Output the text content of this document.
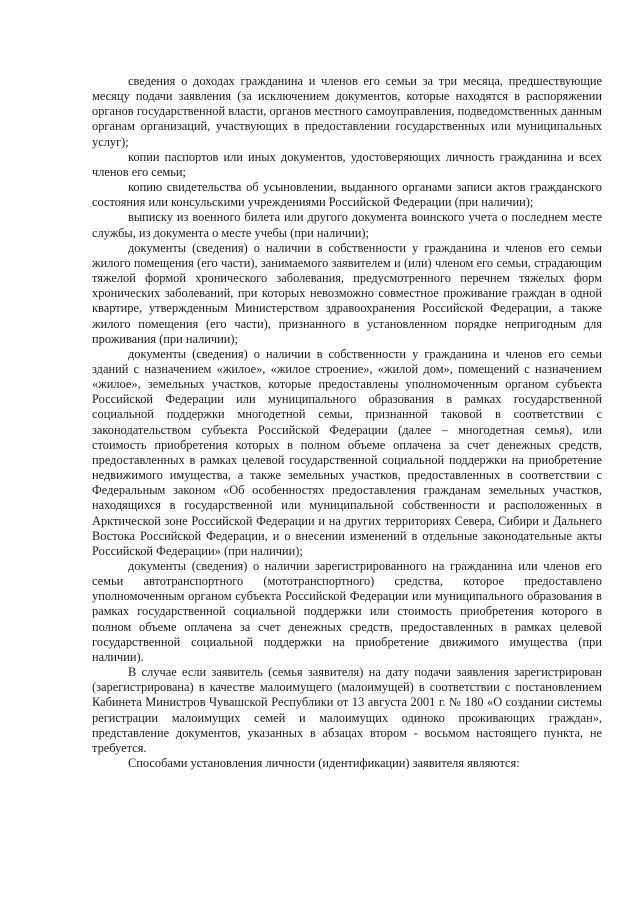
сведения о доходах гражданина и членов его семьи за три месяца, предшествующие месяцу подачи заявления (за исключением документов, которые находятся в распоряжении органов государственной власти, органов местного самоуправления, подведомственных данным органам организаций, участвующих в предоставлении государственных или муниципальных услуг);

копии паспортов или иных документов, удостоверяющих личность гражданина и всех членов его семьи;

копию свидетельства об усыновлении, выданного органами записи актов гражданского состояния или консульскими учреждениями Российской Федерации (при наличии);

выписку из военного билета или другого документа воинского учета о последнем месте службы, из документа о месте учебы (при наличии);

документы (сведения) о наличии в собственности у гражданина и членов его семьи жилого помещения (его части), занимаемого заявителем и (или) членом его семьи, страдающим тяжелой формой хронического заболевания, предусмотренного перечнем тяжелых форм хронических заболеваний, при которых невозможно совместное проживание граждан в одной квартире, утвержденным Министерством здравоохранения Российской Федерации, а также жилого помещения (его части), признанного в установленном порядке непригодным для проживания (при наличии);

документы (сведения) о наличии в собственности у гражданина и членов его семьи зданий с назначением «жилое», «жилое строение», «жилой дом», помещений с назначением «жилое», земельных участков, которые предоставлены уполномоченным органом субъекта Российской Федерации или муниципального образования в рамках государственной социальной поддержки многодетной семьи, признанной таковой в соответствии с законодательством субъекта Российской Федерации (далее – многодетная семья), или стоимость приобретения которых в полном объеме оплачена за счет денежных средств, предоставленных в рамках целевой государственной социальной поддержки на приобретение недвижимого имущества, а также земельных участков, предоставленных в соответствии с Федеральным законом «Об особенностях предоставления гражданам земельных участков, находящихся в государственной или муниципальной собственности и расположенных в Арктической зоне Российской Федерации и на других территориях Севера, Сибири и Дальнего Востока Российской Федерации, и о внесении изменений в отдельные законодательные акты Российской Федерации» (при наличии);

документы (сведения) о наличии зарегистрированного на гражданина или членов его семьи автотранспортного (мототранспортного) средства, которое предоставлено уполномоченным органом субъекта Российской Федерации или муниципального образования в рамках государственной социальной поддержки или стоимость приобретения которого в полном объеме оплачена за счет денежных средств, предоставленных в рамках целевой государственной социальной поддержки на приобретение движимого имущества (при наличии).

В случае если заявитель (семья заявителя) на дату подачи заявления зарегистрирован (зарегистрирована) в качестве малоимущего (малоимущей) в соответствии с постановлением Кабинета Министров Чувашской Республики от 13 августа 2001 г. № 180 «О создании системы регистрации малоимущих семей и малоимущих одиноко проживающих граждан», представление документов, указанных в абзацах втором - восьмом настоящего пункта, не требуется.

Способами установления личности (идентификации) заявителя являются:
